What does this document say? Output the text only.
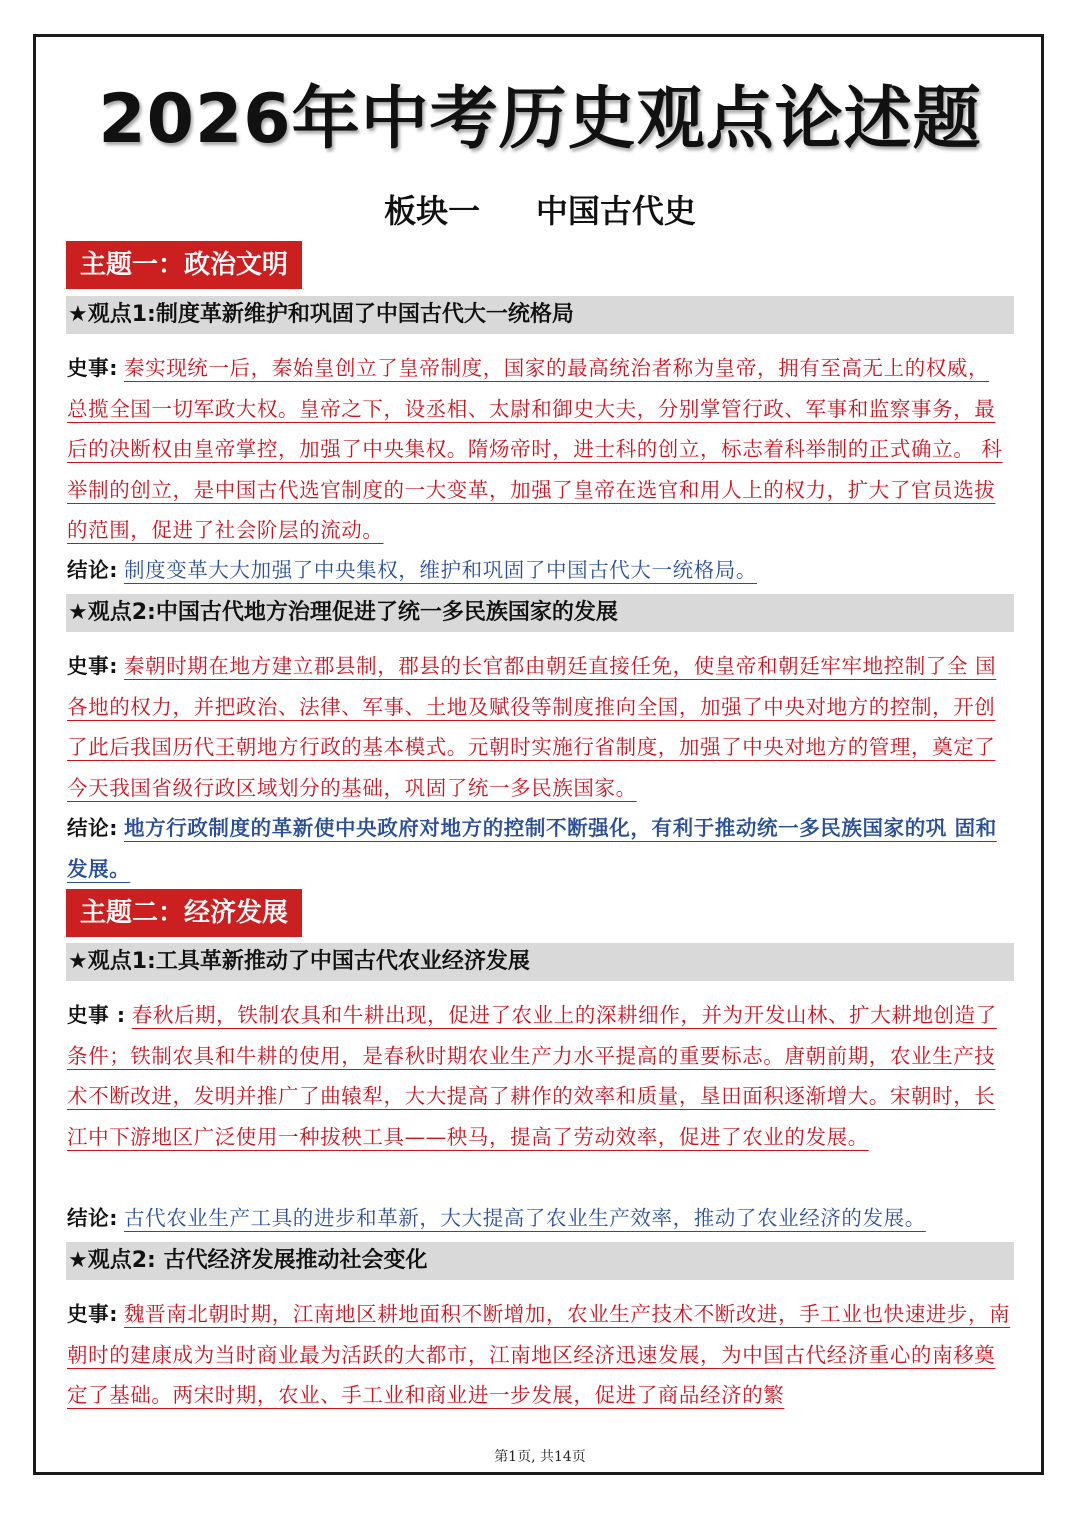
2026年中考历史观点论述题
板块一     中国古代史
主题一：政治文明
★观点1:制度革新维护和巩固了中国古代大一统格局

史事: 秦实现统一后，秦始皇创立了皇帝制度，国家的最高统治者称为皇帝，拥有至高无上的权威， 总揽全国一切军政大权。皇帝之下，设丞相、太尉和御史大夫，分别掌管行政、军事和监察事务，最后的决断权由皇帝掌控，加强了中央集权。隋炀帝时，进士科的创立，标志着科举制的正式确立。 科举制的创立，是中国古代选官制度的一大变革，加强了皇帝在选官和用人上的权力，扩大了官员选拔的范围，促进了社会阶层的流动。

结论: 制度变革大大加强了中央集权，维护和巩固了中国古代大一统格局。

★观点2:中国古代地方治理促进了统一多民族国家的发展

史事: 秦朝时期在地方建立郡县制，郡县的长官都由朝廷直接任免，使皇帝和朝廷牢牢地控制了全 国各地的权力，并把政治、法律、军事、土地及赋役等制度推向全国，加强了中央对地方的控制，开创了此后我国历代王朝地方行政的基本模式。元朝时实施行省制度，加强了中央对地方的管理，奠定了今天我国省级行政区域划分的基础，巩固了统一多民族国家。

结论: 地方行政制度的革新使中央政府对地方的控制不断强化，有利于推动统一多民族国家的巩 固和发展。

主题二：经济发展
★观点1:工具革新推动了中国古代农业经济发展

史事 : 春秋后期，铁制农具和牛耕出现，促进了农业上的深耕细作，并为开发山林、扩大耕地创造了条件；铁制农具和牛耕的使用，是春秋时期农业生产力水平提高的重要标志。唐朝前期，农业生产技术不断改进，发明并推广了曲辕犁，大大提高了耕作的效率和质量，垦田面积逐渐增大。宋朝时，长江中下游地区广泛使用一种拔秧工具——秧马，提高了劳动效率，促进了农业的发展。

结论: 古代农业生产工具的进步和革新，大大提高了农业生产效率，推动了农业经济的发展。

★观点2: 古代经济发展推动社会变化

史事: 魏晋南北朝时期，江南地区耕地面积不断增加，农业生产技术不断改进，手工业也快速进步，南朝时的建康成为当时商业最为活跃的大都市，江南地区经济迅速发展，为中国古代经济重心的南移奠定了基础。两宋时期，农业、手工业和商业进一步发展，促进了商品经济的繁

第1页, 共14页
